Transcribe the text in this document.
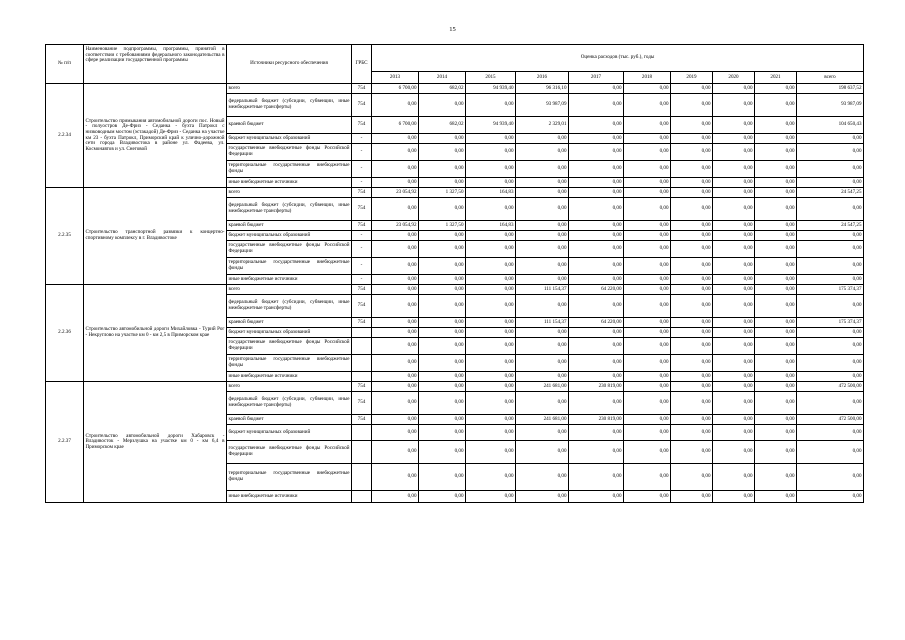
15
№ п/п	Наименование подпрограммы, программы, принятой в соответствии с требованиями федерального законодательства в сфере реализации государственной программы	Источники ресурсного обеспечения	ГРБС	Оценка расходов (тыс. руб.), годы									
				2013	2014	2015	2016	2017	2018	2019	2020	2021	всего
2.2.34	Строительство примыкания автомобильной дороги пос. Новый - полуостров Де-Фриз - Седанка - бухта Патрокл с низководным мостом (эстакадой) Де-Фриз - Седанка на участке км 23 - бухта Патрокл, Приморский край к улично-дорожной сети города Владивостока в районе ул. Фадеева, ул. Космонавтов и ул. Снеговой	всего	754	6 700,00	682,02	94 939,40	96 316,10	0,00	0,00	0,00	0,00	0,00	198 637,52
		федеральный бюджет (субсидии, субвенции, иные межбюджетные трансферты)	754	0,00	0,00	0,00	93 987,09	0,00	0,00	0,00	0,00	0,00	93 987,09
		краевой бюджет	754	6 700,00	682,02	94 939,40	2 329,01	0,00	0,00	0,00	0,00	0,00	104 650,43
		бюджет муниципальных образований	-	0,00	0,00	0,00	0,00	0,00	0,00	0,00	0,00	0,00	0,00
		государственные внебюджетные фонды Российской Федерации	-	0,00	0,00	0,00	0,00	0,00	0,00	0,00	0,00	0,00	0,00
		территориальные государственные внебюджетные фонды	-	0,00	0,00	0,00	0,00	0,00	0,00	0,00	0,00	0,00	0,00
		иные внебюджетные источники	-	0,00	0,00	0,00	0,00	0,00	0,00	0,00	0,00	0,00	0,00
2.2.35	Строительство транспортной развязки к концертно-спортивному комплексу в г. Владивостоке	всего	754	23 054,92	1 327,50	164,83	0,00	0,00	0,00	0,00	0,00	0,00	24 547,25
		федеральный бюджет (субсидии, субвенции, иные межбюджетные трансферты)	754	0,00	0,00	0,00	0,00	0,00	0,00	0,00	0,00	0,00	0,00
		краевой бюджет	754	23 054,92	1 327,50	164,83	0,00	0,00	0,00	0,00	0,00	0,00	24 547,25
		бюджет муниципальных образований	-	0,00	0,00	0,00	0,00	0,00	0,00	0,00	0,00	0,00	0,00
		государственные внебюджетные фонды Российской Федерации	-	0,00	0,00	0,00	0,00	0,00	0,00	0,00	0,00	0,00	0,00
		территориальные государственные внебюджетные фонды	-	0,00	0,00	0,00	0,00	0,00	0,00	0,00	0,00	0,00	0,00
		иные внебюджетные источники	-	0,00	0,00	0,00	0,00	0,00	0,00	0,00	0,00	0,00	0,00
2.2.36	Строительство автомобильной дороги Михайловка - Турий Рог - Некруглово на участке км 0 - км 2,5 в Приморском крае	всего	754	0,00	0,00	0,00	111 154,37	64 220,00	0,00	0,00	0,00	0,00	175 374,37
		федеральный бюджет (субсидии, субвенции, иные межбюджетные трансферты)	754	0,00	0,00	0,00	0,00	0,00	0,00	0,00	0,00	0,00	0,00
		краевой бюджет	754	0,00	0,00	0,00	111 154,37	64 220,00	0,00	0,00	0,00	0,00	175 374,37
		бюджет муниципальных образований		0,00	0,00	0,00	0,00	0,00	0,00	0,00	0,00	0,00	0,00
		государственные внебюджетные фонды Российской Федерации		0,00	0,00	0,00	0,00	0,00	0,00	0,00	0,00	0,00	0,00
		территориальные государственные внебюджетные фонды		0,00	0,00	0,00	0,00	0,00	0,00	0,00	0,00	0,00	0,00
		иные внебюджетные источники		0,00	0,00	0,00	0,00	0,00	0,00	0,00	0,00	0,00	0,00
2.2.37	Строительство автомобильной дороги Хабаровск - Владивосток - Мерзлушка на участке км 0 - км 6,4 в Приморском крае	всего	754	0,00	0,00	0,00	241 681,00	230 819,00	0,00	0,00	0,00	0,00	472 500,00
		федеральный бюджет (субсидии, субвенции, иные межбюджетные трансферты)	754	0,00	0,00	0,00	0,00	0,00	0,00	0,00	0,00	0,00	0,00
		краевой бюджет	754	0,00	0,00	0,00	241 681,00	230 819,00	0,00	0,00	0,00	0,00	472 500,00
		бюджет муниципальных образований		0,00	0,00	0,00	0,00	0,00	0,00	0,00	0,00	0,00	0,00
		государственные внебюджетные фонды Российской Федерации		0,00	0,00	0,00	0,00	0,00	0,00	0,00	0,00	0,00	0,00
		территориальные государственные внебюджетные фонды		0,00	0,00	0,00	0,00	0,00	0,00	0,00	0,00	0,00	0,00
		иные внебюджетные источники		0,00	0,00	0,00	0,00	0,00	0,00	0,00	0,00	0,00	0,00
